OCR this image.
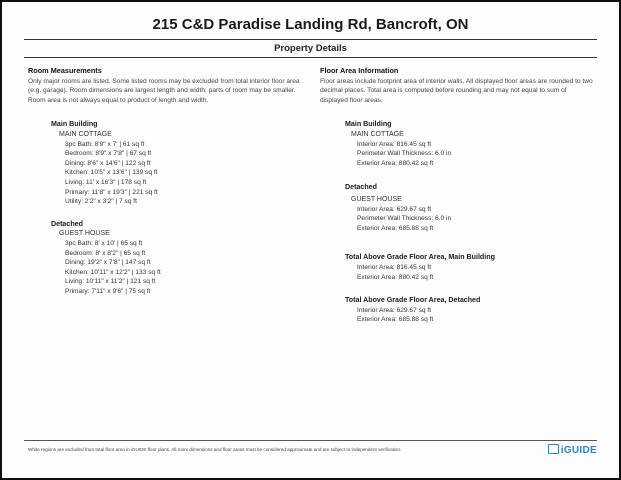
215 C&D Paradise Landing Rd, Bancroft, ON
Property Details
Room Measurements
Only major rooms are listed. Some listed rooms may be excluded from total interior floor area (e.g. garage). Room dimensions are largest length and width; parts of room may be smaller. Room area is not always equal to product of length and width.
Main Building
MAIN COTTAGE
3pc Bath: 8'9" x 7' | 61 sq ft
Bedroom: 8'9" x 7'8" | 67 sq ft
Dining: 8'6" x 14'6" | 122 sq ft
Kitchen: 10'5" x 13'6" | 139 sq ft
Living: 11' x 16'3" | 178 sq ft
Primary: 11'8" x 19'3" | 221 sq ft
Utility: 2'2" x 3'2" | 7 sq ft
Detached
GUEST HOUSE
3pc Bath: 8' x 10' | 65 sq ft
Bedroom: 8' x 8'2" | 65 sq ft
Dining: 19'2" x 7'8" | 147 sq ft
Kitchen: 10'11" x 12'2" | 133 sq ft
Living: 10'11" x 11'2" | 121 sq ft
Primary: 7'11" x 9'6" | 75 sq ft
Floor Area Information
Floor areas include footprint area of interior walls. All displayed floor areas are rounded to two decimal places. Total area is computed before rounding and may not equal to sum of displayed floor areas.
Main Building
MAIN COTTAGE
Interior Area: 816.45 sq ft
Perimeter Wall Thickness: 6.0 in
Exterior Area: 880.42 sq ft
Detached
GUEST HOUSE
Interior Area: 629.67 sq ft
Perimeter Wall Thickness: 6.0 in
Exterior Area: 685.88 sq ft
Total Above Grade Floor Area, Main Building
Interior Area: 816.45 sq ft
Exterior Area: 880.42 sq ft
Total Above Grade Floor Area, Detached
Interior Area: 629.67 sq ft
Exterior Area: 685.88 sq ft
White regions are excluded from total floor area in iGUIDE floor plans. All room dimensions and floor areas must be considered approximate and are subject to independent verification.	iGUIDE
